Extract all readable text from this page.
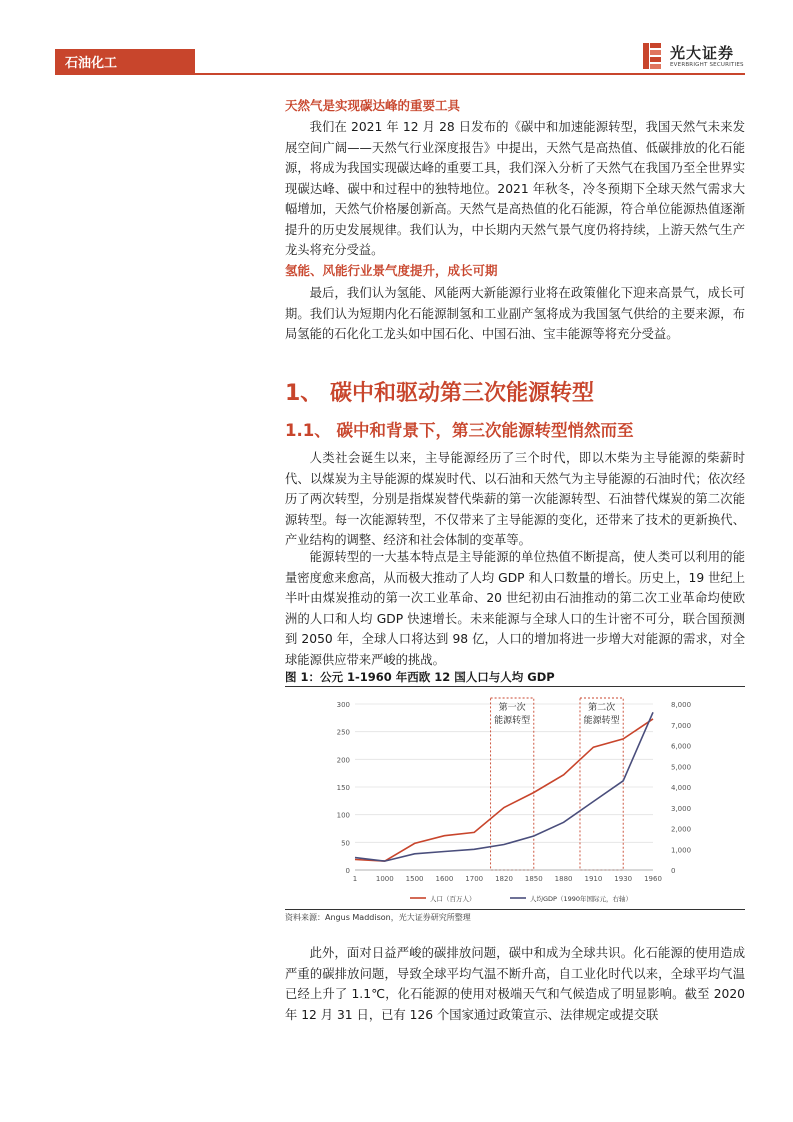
石油化工
光大证券
EVERBRIGHT SECURITIES
天然气是实现碳达峰的重要工具
我们在 2021 年 12 月 28 日发布的《碳中和加速能源转型，我国天然气未来发展空间广阔——天然气行业深度报告》中提出，天然气是高热值、低碳排放的化石能源，将成为我国实现碳达峰的重要工具，我们深入分析了天然气在我国乃至全世界实现碳达峰、碳中和过程中的独特地位。2021 年秋冬，冷冬预期下全球天然气需求大幅增加，天然气价格屡创新高。天然气是高热值的化石能源，符合单位能源热值逐渐提升的历史发展规律。我们认为，中长期内天然气景气度仍将持续，上游天然气生产龙头将充分受益。
氢能、风能行业景气度提升，成长可期
最后，我们认为氢能、风能两大新能源行业将在政策催化下迎来高景气，成长可期。我们认为短期内化石能源制氢和工业副产氢将成为我国氢气供给的主要来源，布局氢能的石化化工龙头如中国石化、中国石油、宝丰能源等将充分受益。
1、 碳中和驱动第三次能源转型
1.1、 碳中和背景下，第三次能源转型悄然而至
人类社会诞生以来，主导能源经历了三个时代，即以木柴为主导能源的柴薪时代、以煤炭为主导能源的煤炭时代、以石油和天然气为主导能源的石油时代；依次经历了两次转型，分别是指煤炭替代柴薪的第一次能源转型、石油替代煤炭的第二次能源转型。每一次能源转型，不仅带来了主导能源的变化，还带来了技术的更新换代、产业结构的调整、经济和社会体制的变革等。
能源转型的一大基本特点是主导能源的单位热值不断提高，使人类可以利用的能量密度愈来愈高，从而极大推动了人均 GDP 和人口数量的增长。历史上，19 世纪上半叶由煤炭推动的第一次工业革命、20 世纪初由石油推动的第二次工业革命均使欧洲的人口和人均 GDP 快速增长。未来能源与全球人口的生计密不可分，联合国预测到 2050 年，全球人口将达到 98 亿，人口的增加将进一步增大对能源的需求，对全球能源供应带来严峻的挑战。
图 1：公元 1-1960 年西欧 12 国人口与人均 GDP
第一次
能源转型
第二次
能源转型
0
50
100
150
200
250
300
0
1,000
2,000
3,000
4,000
5,000
6,000
7,000
8,000
1	1000 1500 1600 1700 1820 1850 1880 1910 1930 1960
人口（百万人）	人均GDP（1990年国际元，右轴）
资料来源：Angus Maddison，光大证券研究所整理
此外，面对日益严峻的碳排放问题，碳中和成为全球共识。化石能源的使用造成严重的碳排放问题，导致全球平均气温不断升高，自工业化时代以来，全球平均气温已经上升了 1.1℃，化石能源的使用对极端天气和气候造成了明显影响。截至 2020 年 12 月 31 日，已有 126 个国家通过政策宣示、法律规定或提交联
